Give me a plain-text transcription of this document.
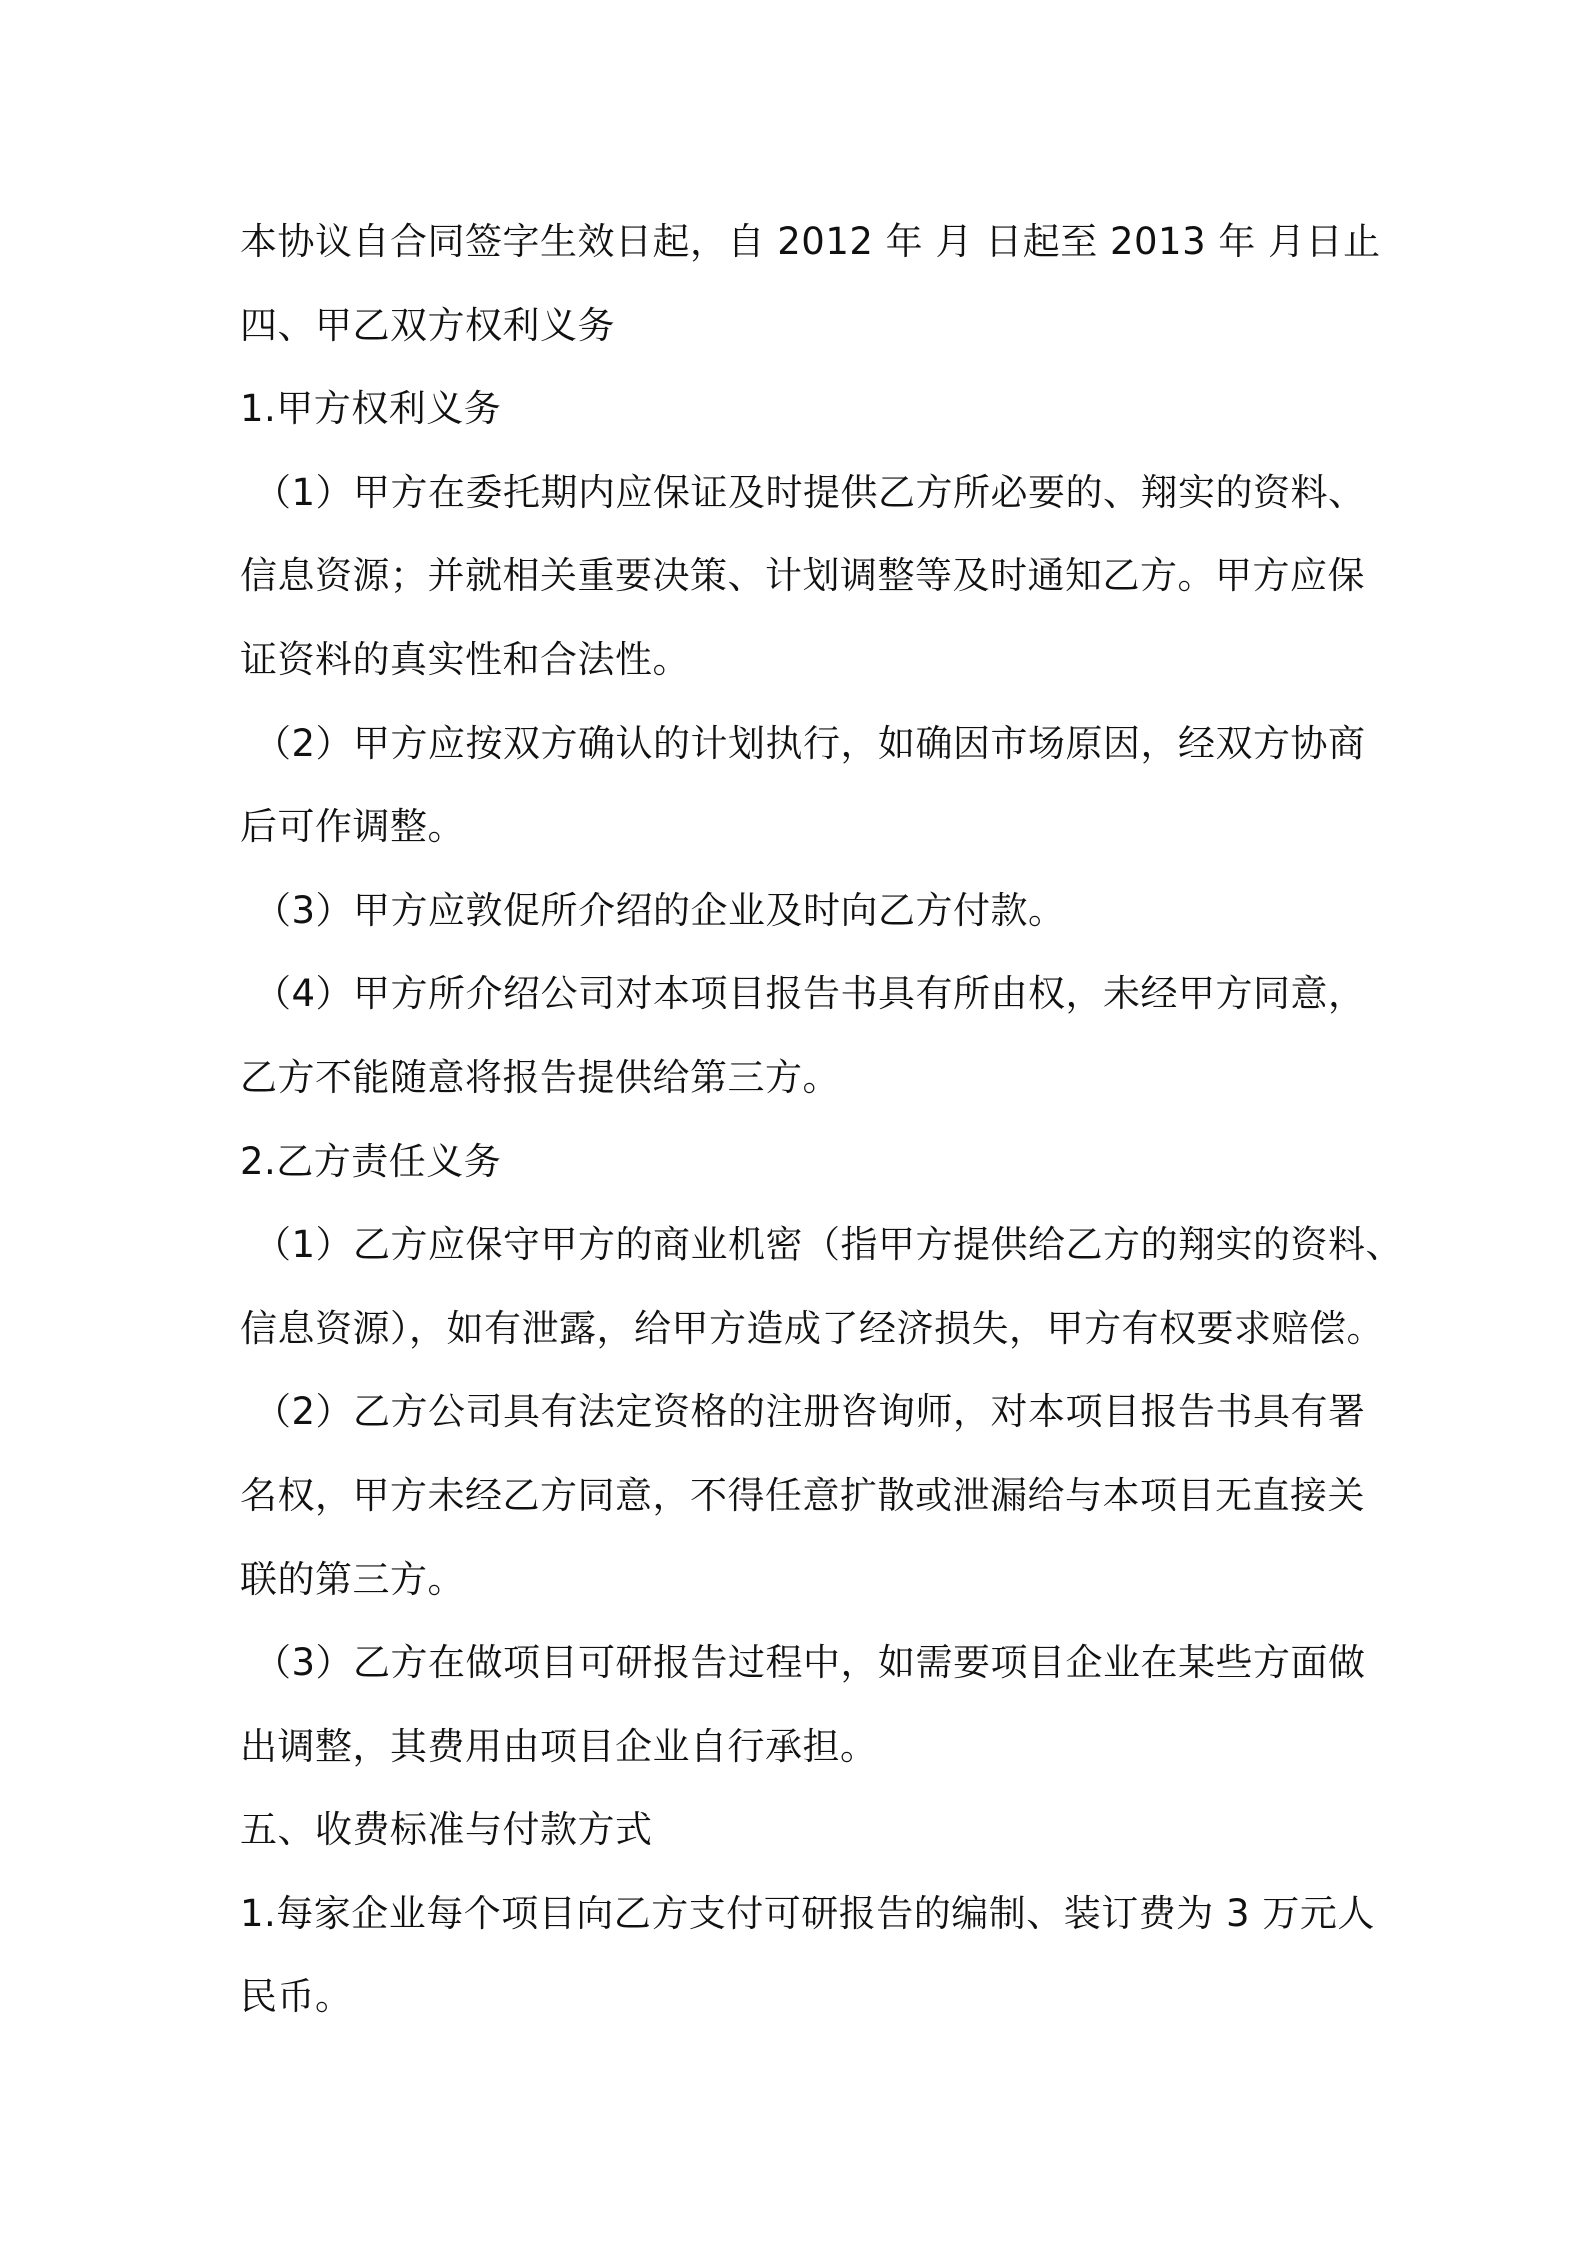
本协议自合同签字生效日起，自 2012 年 月 日起至 2013 年 月日止
四、甲乙双方权利义务
1.甲方权利义务
（1）甲方在委托期内应保证及时提供乙方所必要的、翔实的资料、
信息资源；并就相关重要决策、计划调整等及时通知乙方。甲方应保
证资料的真实性和合法性。
（2）甲方应按双方确认的计划执行，如确因市场原因，经双方协商
后可作调整。
（3）甲方应敦促所介绍的企业及时向乙方付款。
（4）甲方所介绍公司对本项目报告书具有所由权，未经甲方同意，
乙方不能随意将报告提供给第三方。
2.乙方责任义务
（1）乙方应保守甲方的商业机密（指甲方提供给乙方的翔实的资料、
信息资源），如有泄露，给甲方造成了经济损失，甲方有权要求赔偿。
（2）乙方公司具有法定资格的注册咨询师，对本项目报告书具有署
名权，甲方未经乙方同意，不得任意扩散或泄漏给与本项目无直接关
联的第三方。
（3）乙方在做项目可研报告过程中，如需要项目企业在某些方面做
出调整，其费用由项目企业自行承担。
五、收费标准与付款方式
1.每家企业每个项目向乙方支付可研报告的编制、装订费为 3 万元人
民币。
